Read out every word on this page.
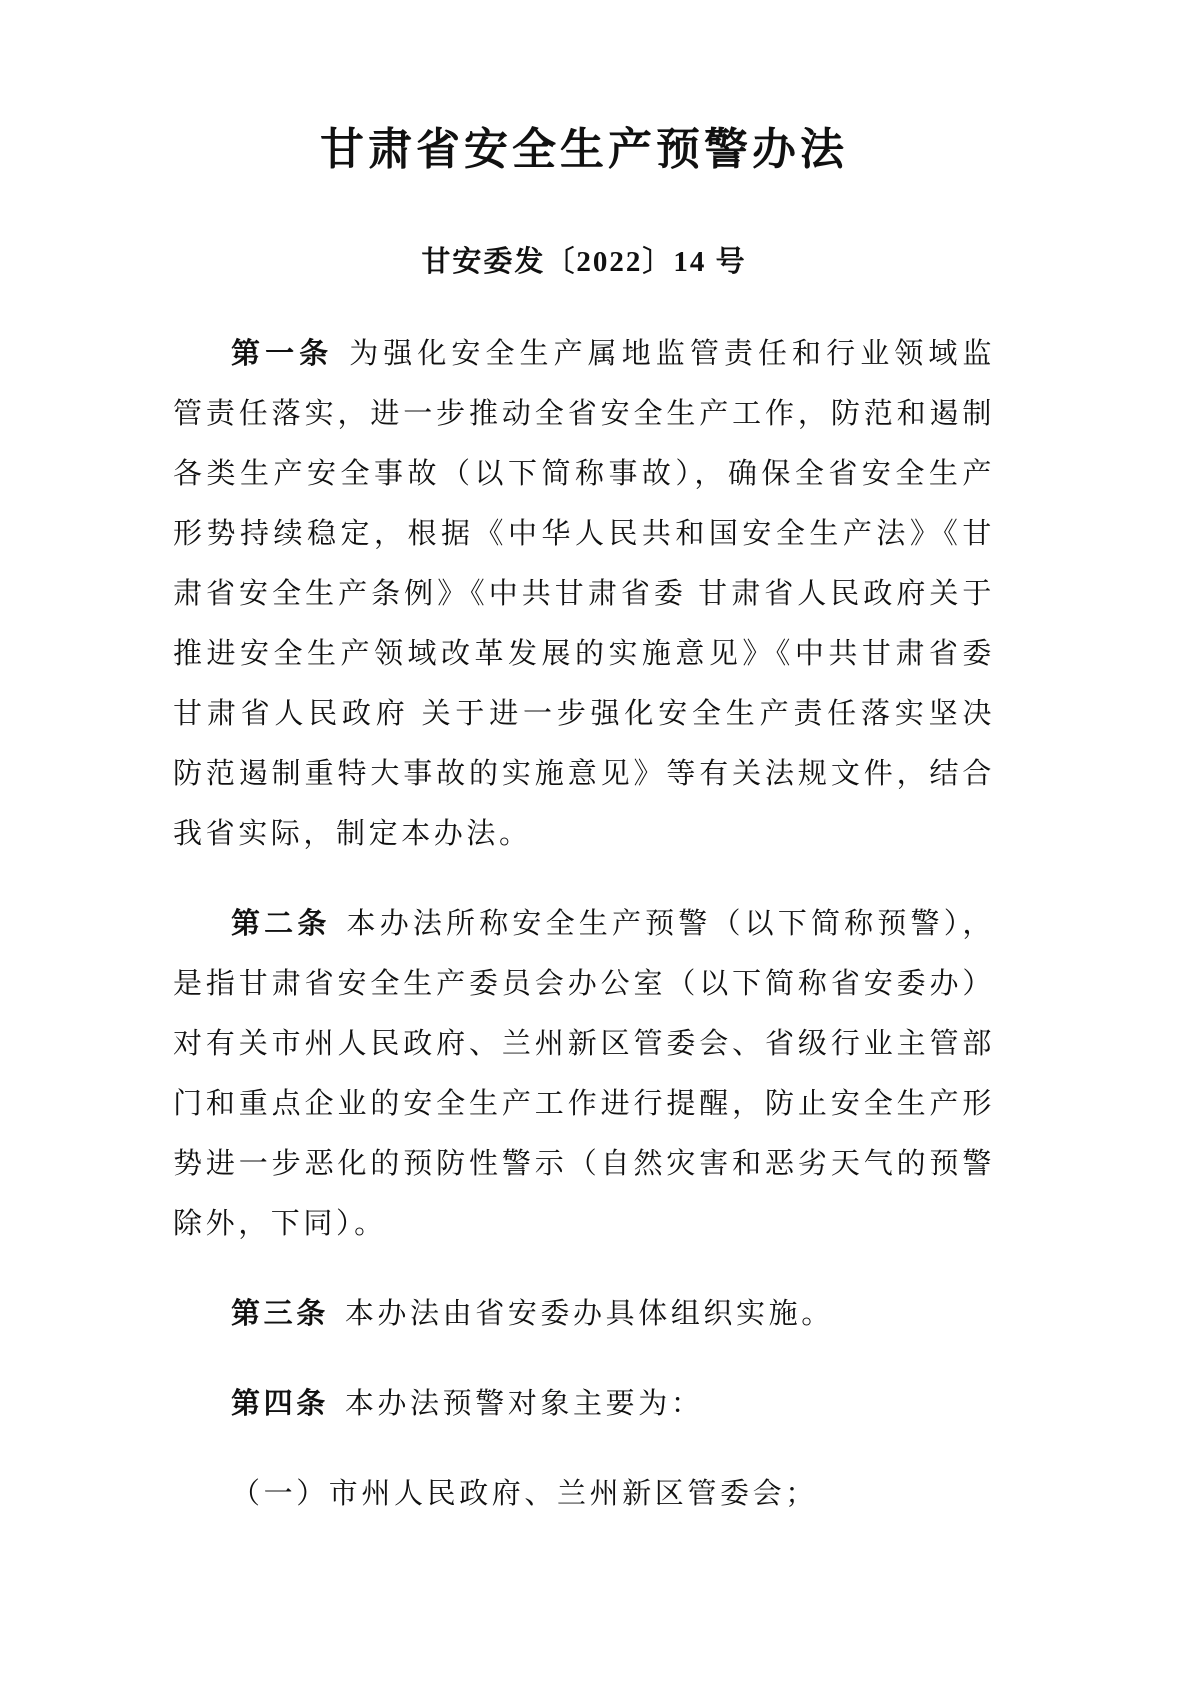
甘肃省安全生产预警办法
甘安委发〔2022〕14 号

第一条 为强化安全生产属地监管责任和行业领域监管责任落实，进一步推动全省安全生产工作，防范和遏制各类生产安全事故（以下简称事故），确保全省安全生产形势持续稳定，根据《中华人民共和国安全生产法》《甘肃省安全生产条例》《中共甘肃省委 甘肃省人民政府关于推进安全生产领域改革发展的实施意见》《中共甘肃省委 甘肃省人民政府 关于进一步强化安全生产责任落实坚决防范遏制重特大事故的实施意见》等有关法规文件，结合我省实际，制定本办法。

第二条 本办法所称安全生产预警（以下简称预警），是指甘肃省安全生产委员会办公室（以下简称省安委办）对有关市州人民政府、兰州新区管委会、省级行业主管部门和重点企业的安全生产工作进行提醒，防止安全生产形势进一步恶化的预防性警示（自然灾害和恶劣天气的预警除外，下同）。

第三条 本办法由省安委办具体组织实施。

第四条 本办法预警对象主要为：

（一）市州人民政府、兰州新区管委会；
